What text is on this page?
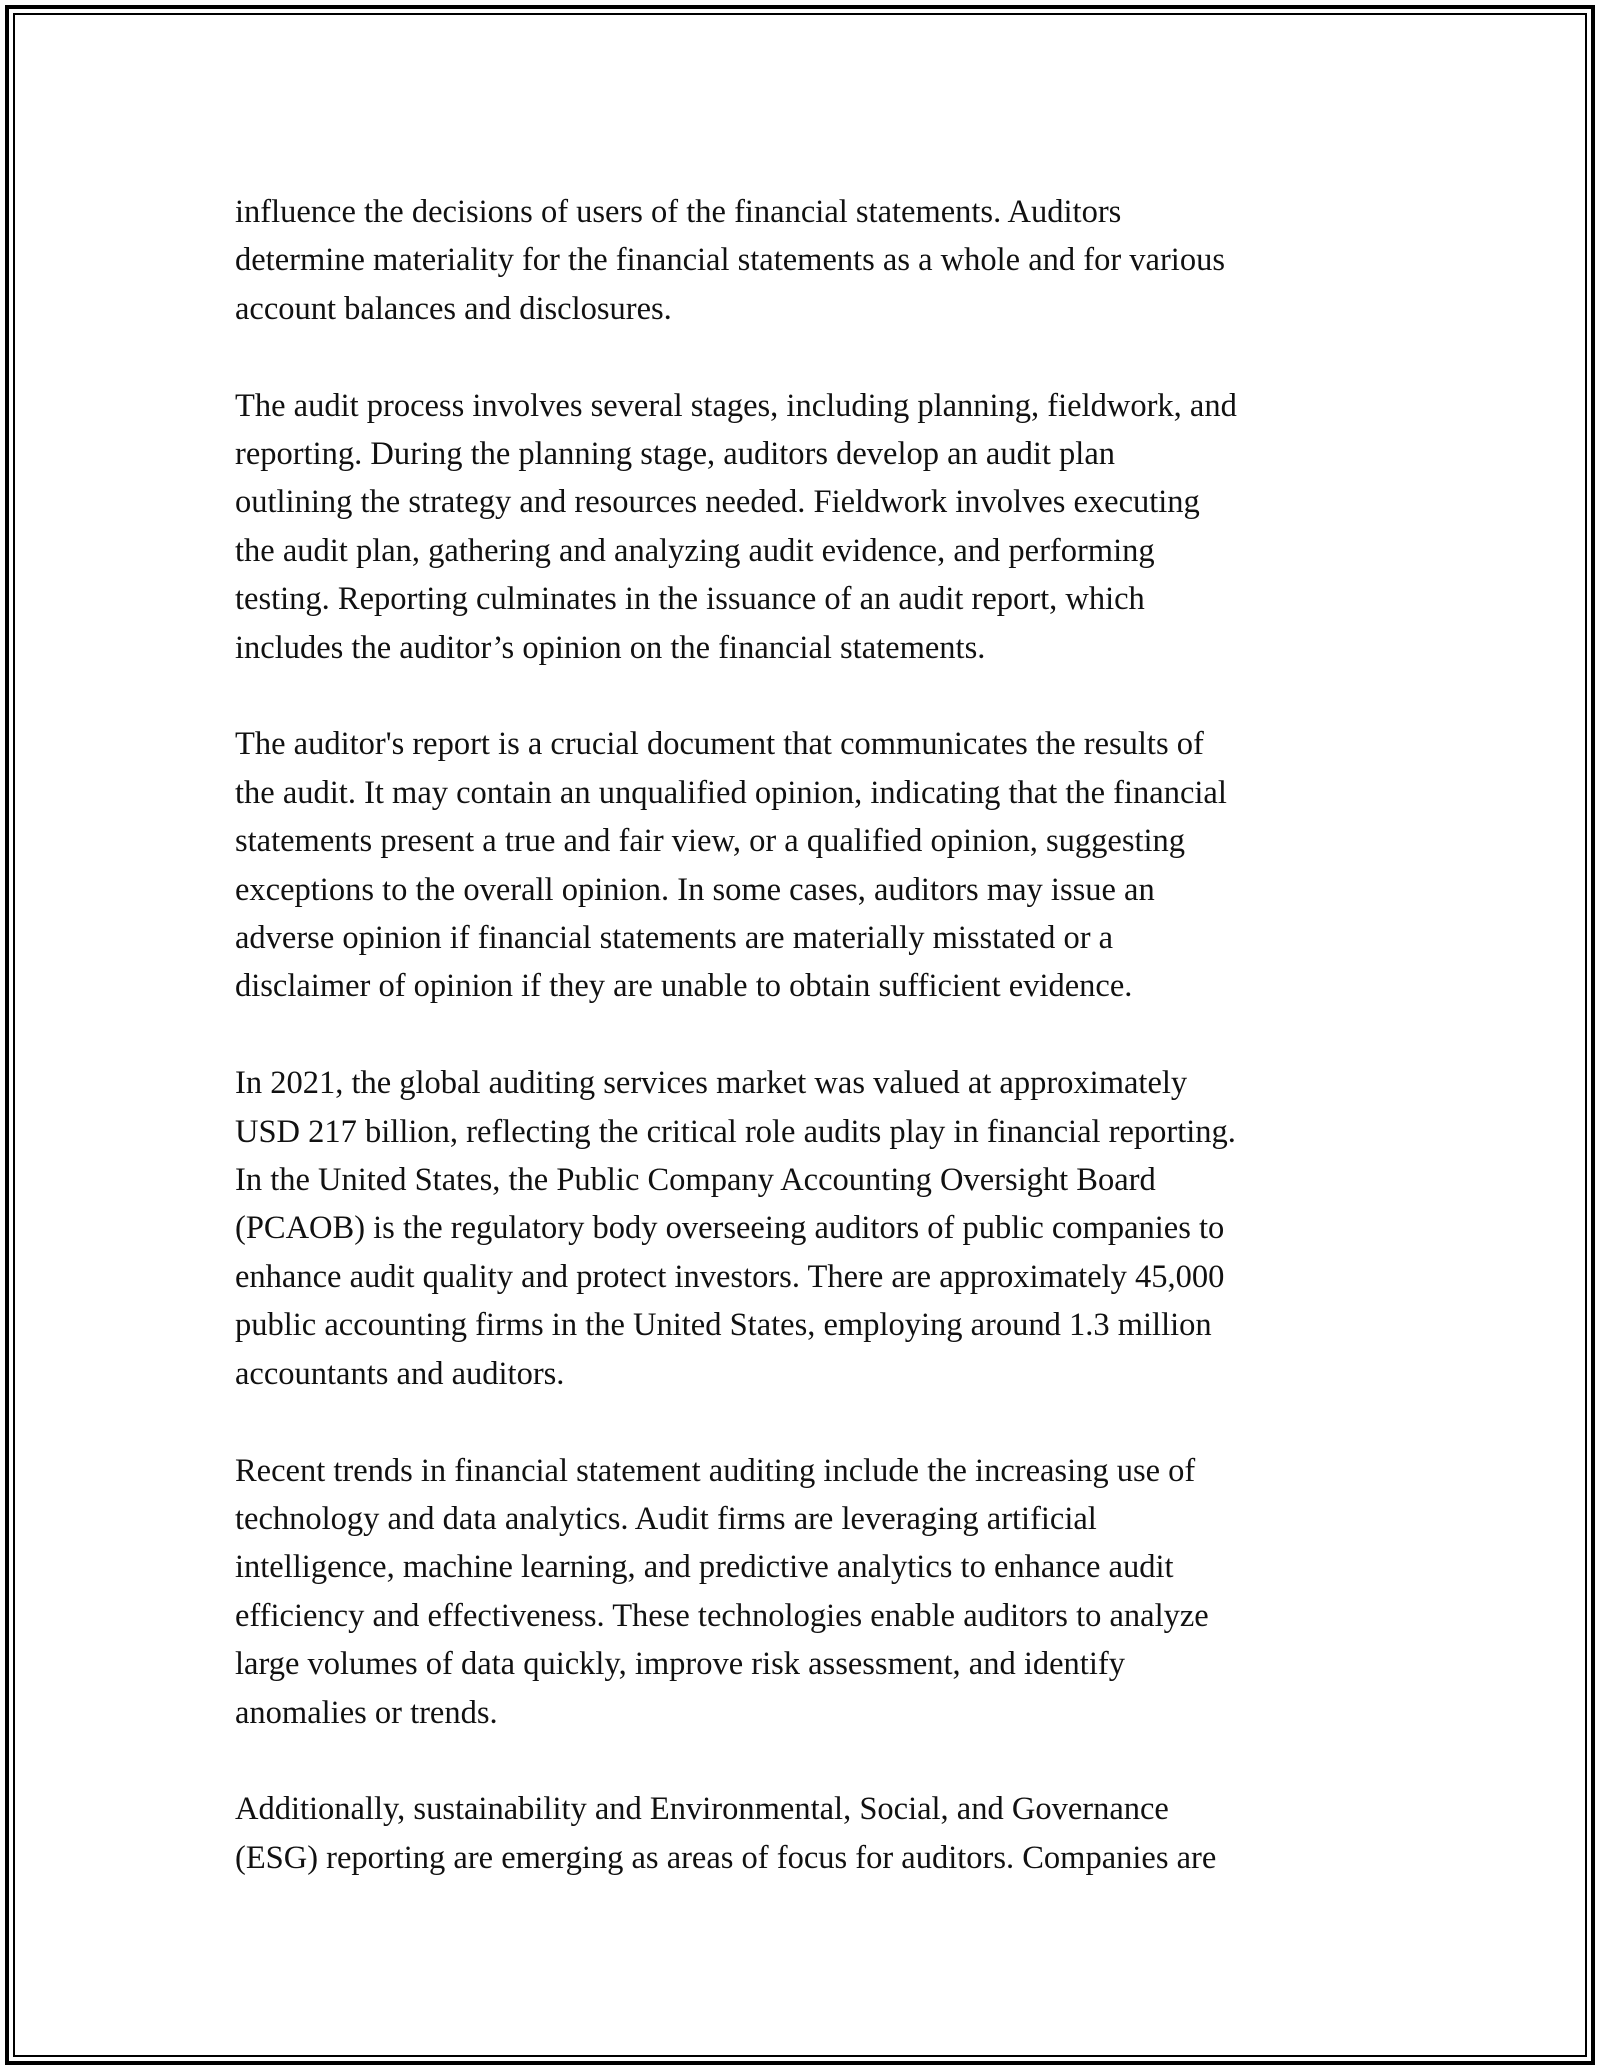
influence the decisions of users of the financial statements. Auditors
determine materiality for the financial statements as a whole and for various
account balances and disclosures.

The audit process involves several stages, including planning, fieldwork, and
reporting. During the planning stage, auditors develop an audit plan
outlining the strategy and resources needed. Fieldwork involves executing
the audit plan, gathering and analyzing audit evidence, and performing
testing. Reporting culminates in the issuance of an audit report, which
includes the auditor’s opinion on the financial statements.

The auditor's report is a crucial document that communicates the results of
the audit. It may contain an unqualified opinion, indicating that the financial
statements present a true and fair view, or a qualified opinion, suggesting
exceptions to the overall opinion. In some cases, auditors may issue an
adverse opinion if financial statements are materially misstated or a
disclaimer of opinion if they are unable to obtain sufficient evidence.

In 2021, the global auditing services market was valued at approximately
USD 217 billion, reflecting the critical role audits play in financial reporting.
In the United States, the Public Company Accounting Oversight Board
(PCAOB) is the regulatory body overseeing auditors of public companies to
enhance audit quality and protect investors. There are approximately 45,000
public accounting firms in the United States, employing around 1.3 million
accountants and auditors.

Recent trends in financial statement auditing include the increasing use of
technology and data analytics. Audit firms are leveraging artificial
intelligence, machine learning, and predictive analytics to enhance audit
efficiency and effectiveness. These technologies enable auditors to analyze
large volumes of data quickly, improve risk assessment, and identify
anomalies or trends.

Additionally, sustainability and Environmental, Social, and Governance
(ESG) reporting are emerging as areas of focus for auditors. Companies are
